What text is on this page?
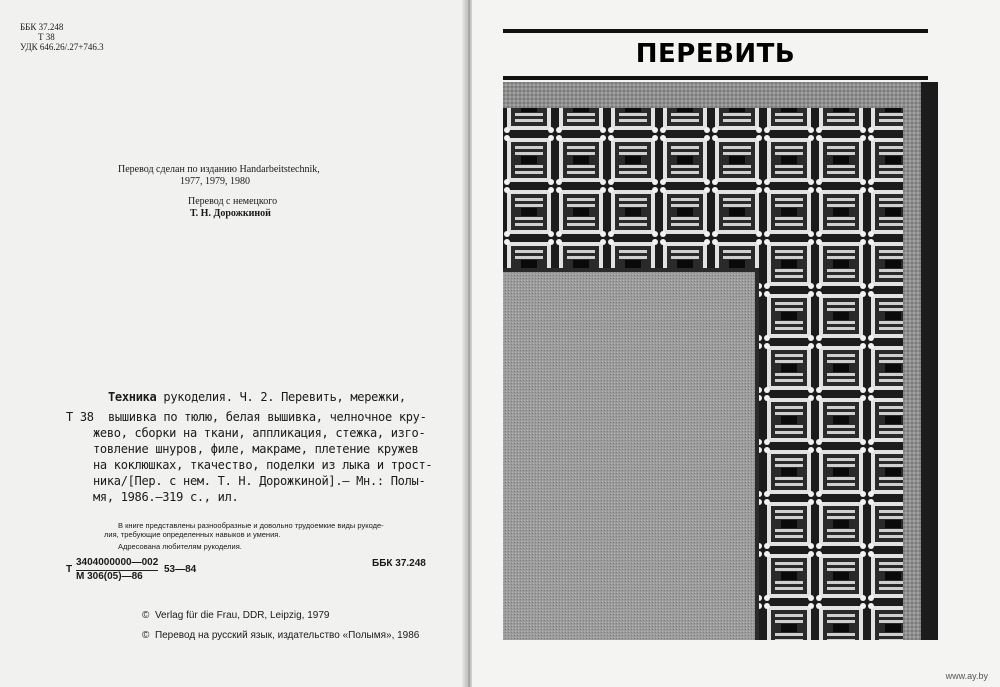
ББК 37.248
Т 38
УДК 646.26/.27+746.3
Перевод сделан по изданию Handarbeitstechnik,
1977, 1979, 1980
Перевод с немецкого
Т. Н. Дорожкиной
Т 38
Техника рукоделия. Ч. 2. Перевить, мережки,
вышивка по тюлю, белая вышивка, челночное кру-
жево, сборки на ткани, аппликация, стежка, изго-
товление шнуров, филе, макраме, плетение кружев
на коклюшках, ткачество, поделки из лыка и трост-
ника/[Пер. с нем. Т. Н. Дорожкиной].— Мн.: Полы-
мя, 1986.—319 с., ил.
В книге представлены разнообразные и довольно трудоемкие виды рукоде-
лия, требующие определенных навыков и умения.
Адресована любителям рукоделия.
Т
3404000000—002
М 306(05)—86
53—84
ББК 37.248
© Verlag für die Frau, DDR, Leipzig, 1979
© Перевод на русский язык, издательство «Полымя», 1986
ПЕРЕВИТЬ
www.ay.by
